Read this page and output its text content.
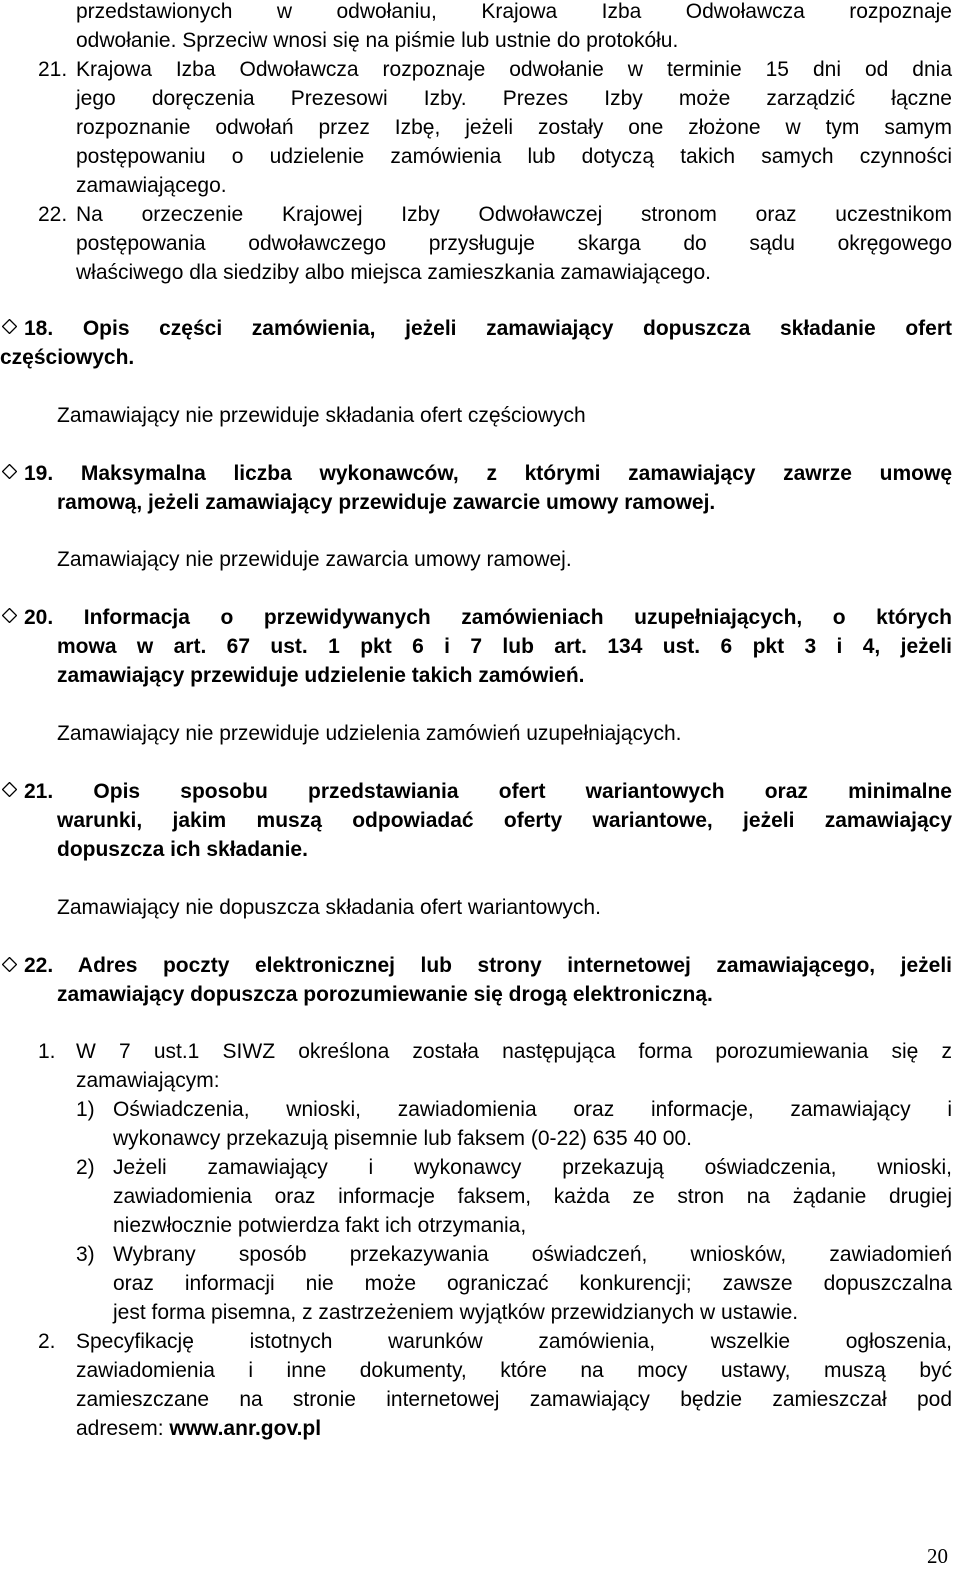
przedstawionych w odwołaniu, Krajowa Izba Odwoławcza rozpoznaje
odwołanie. Sprzeciw wnosi się na piśmie lub ustnie do protokółu.
21. Krajowa Izba Odwoławcza rozpoznaje odwołanie w terminie 15 dni od dnia
jego doręczenia Prezesowi Izby. Prezes Izby może zarządzić łączne
rozpoznanie odwołań przez Izbę, jeżeli zostały one złożone w tym samym
postępowaniu o udzielenie zamówienia lub dotyczą takich samych czynności
zamawiającego.
22. Na orzeczenie Krajowej Izby Odwoławczej stronom oraz uczestnikom
postępowania odwoławczego przysługuje skarga do sądu okręgowego
właściwego dla siedziby albo miejsca zamieszkania zamawiającego.
18. Opis części zamówienia, jeżeli zamawiający dopuszcza składanie ofert
częściowych.
Zamawiający nie przewiduje składania ofert częściowych
19. Maksymalna liczba wykonawców, z którymi zamawiający zawrze umowę
ramową, jeżeli zamawiający przewiduje zawarcie umowy ramowej.
Zamawiający nie przewiduje zawarcia umowy ramowej.
20. Informacja o przewidywanych zamówieniach uzupełniających, o których
mowa w art. 67 ust. 1 pkt 6 i 7 lub art. 134 ust. 6 pkt 3 i 4, jeżeli
zamawiający przewiduje udzielenie takich zamówień.
Zamawiający nie przewiduje udzielenia zamówień uzupełniających.
21. Opis sposobu przedstawiania ofert wariantowych oraz minimalne
warunki, jakim muszą odpowiadać oferty wariantowe, jeżeli zamawiający
dopuszcza ich składanie.
Zamawiający nie dopuszcza składania ofert wariantowych.
22. Adres poczty elektronicznej lub strony internetowej zamawiającego, jeżeli
zamawiający dopuszcza porozumiewanie się drogą elektroniczną.
1. W 7 ust.1 SIWZ określona została następująca forma porozumiewania się z
zamawiającym:
1) Oświadczenia, wnioski, zawiadomienia oraz informacje, zamawiający i
wykonawcy przekazują pisemnie lub faksem (0-22) 635 40 00.
2) Jeżeli zamawiający i wykonawcy przekazują oświadczenia, wnioski,
zawiadomienia oraz informacje faksem, każda ze stron na żądanie drugiej
niezwłocznie potwierdza fakt ich otrzymania,
3) Wybrany sposób przekazywania oświadczeń, wniosków, zawiadomień
oraz informacji nie może ograniczać konkurencji; zawsze dopuszczalna
jest forma pisemna, z zastrzeżeniem wyjątków przewidzianych w ustawie.
2. Specyfikację istotnych warunków zamówienia, wszelkie ogłoszenia,
zawiadomienia i inne dokumenty, które na mocy ustawy, muszą być
zamieszczane na stronie internetowej zamawiający będzie zamieszczał pod
adresem: www.anr.gov.pl
20
